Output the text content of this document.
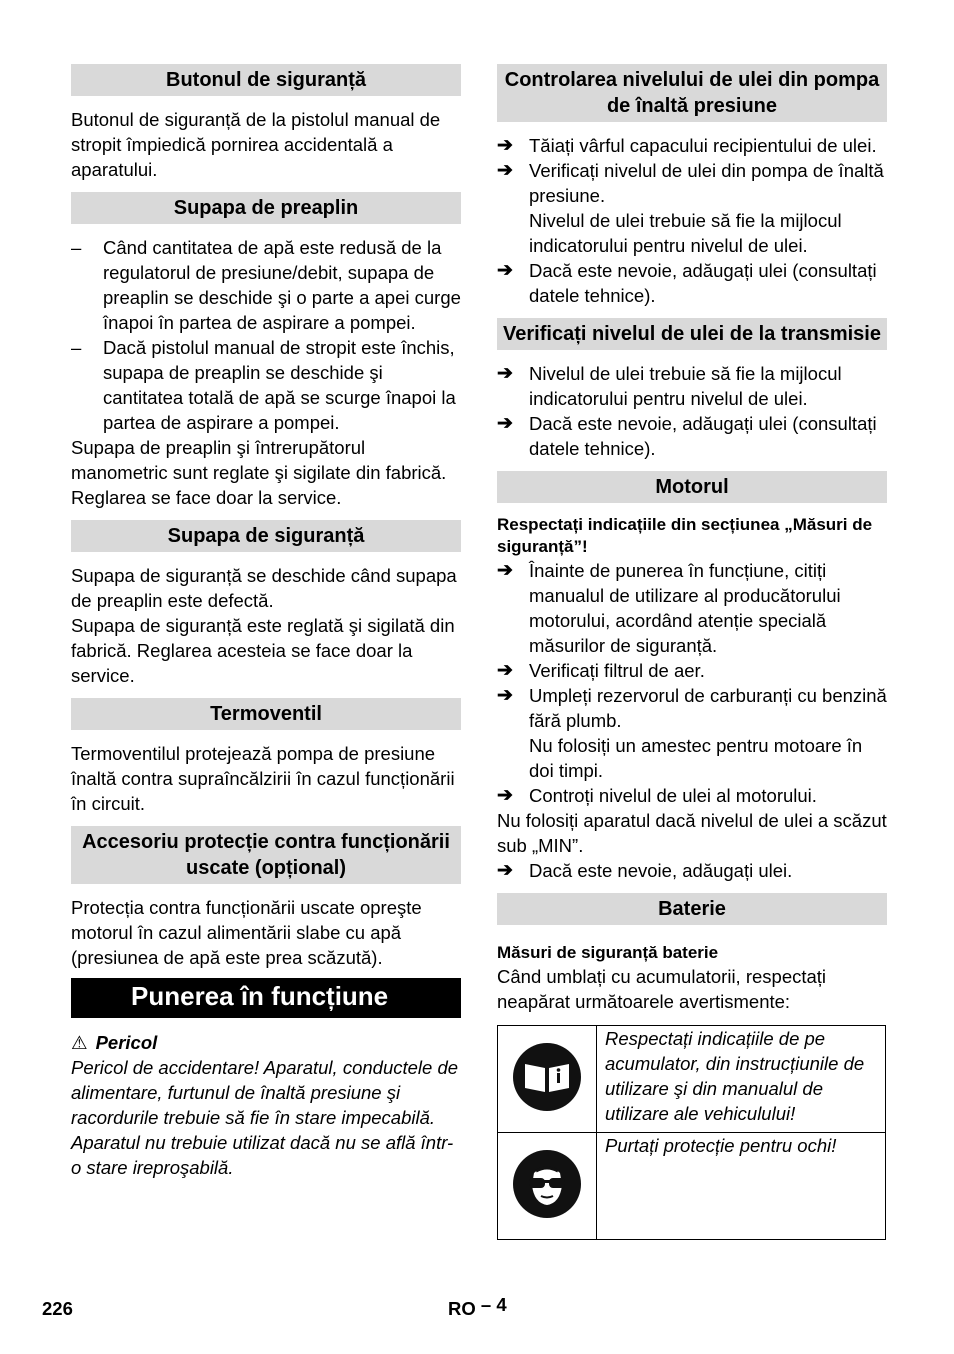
Butonul de siguranță

Butonul de siguranță de la pistolul manual de stropit împiedică pornirea accidentală a aparatului.

Supapa de preaplin

– Când cantitatea de apă este redusă de la regulatorul de presiune/debit, supapa de preaplin se deschide şi o parte a apei curge înapoi în partea de aspirare a pompei.

– Dacă pistolul manual de stropit este închis, supapa de preaplin se deschide şi cantitatea totală de apă se scurge înapoi la partea de aspirare a pompei.

Supapa de preaplin şi întrerupătorul manometric sunt reglate şi sigilate din fabrică. Reglarea se face doar la service.

Supapa de siguranță

Supapa de siguranță se deschide când supapa de preaplin este defectă.

Supapa de siguranță este reglată şi sigilată din fabrică. Reglarea acesteia se face doar la service.

Termoventil

Termoventilul protejează pompa de presiune înaltă contra supraîncălzirii în cazul funcționării în circuit.

Accesoriu protecție contra funcționării uscate (opțional)

Protecția contra funcționării uscate opreşte motorul în cazul alimentării slabe cu apă (presiunea de apă este prea scăzută).

Punerea în funcțiune

⚠ Pericol

Pericol de accidentare! Aparatul, conductele de alimentare, furtunul de înaltă presiune şi racordurile trebuie să fie în stare impecabilă. Aparatul nu trebuie utilizat dacă nu se află într-o stare ireproşabilă.

Controlarea nivelului de ulei din pompa de înaltă presiune

➔ Tăiați vârful capacului recipientului de ulei.

➔ Verificați nivelul de ulei din pompa de înaltă presiune.

Nivelul de ulei trebuie să fie la mijlocul indicatorului pentru nivelul de ulei.

➔ Dacă este nevoie, adăugați ulei (consultați datele tehnice).

Verificați nivelul de ulei de la transmisie

➔ Nivelul de ulei trebuie să fie la mijlocul indicatorului pentru nivelul de ulei.

➔ Dacă este nevoie, adăugați ulei (consultați datele tehnice).

Motorul

Respectați indicațiile din secțiunea „Măsuri de siguranță”!

➔ Înainte de punerea în funcțiune, citiți manualul de utilizare al producătorului motorului, acordând atenție specială măsurilor de siguranță.

➔ Verificați filtrul de aer.

➔ Umpleți rezervorul de carburanți cu benzină fără plumb.

Nu folosiți un amestec pentru motoare în doi timpi.

➔ Controți nivelul de ulei al motorului.

Nu folosiți aparatul dacă nivelul de ulei a scăzut sub „MIN”.

➔ Dacă este nevoie, adăugați ulei.

Baterie

Măsuri de siguranță baterie

Când umblați cu acumulatorii, respectați neapărat următoarele avertismente:

	Respectați indicațiile de pe acumulator, din instrucțiunile de utilizare şi din manualul de utilizare ale vehiculului!
	Purtați protecție pentru ochi!
226	RO – 4
